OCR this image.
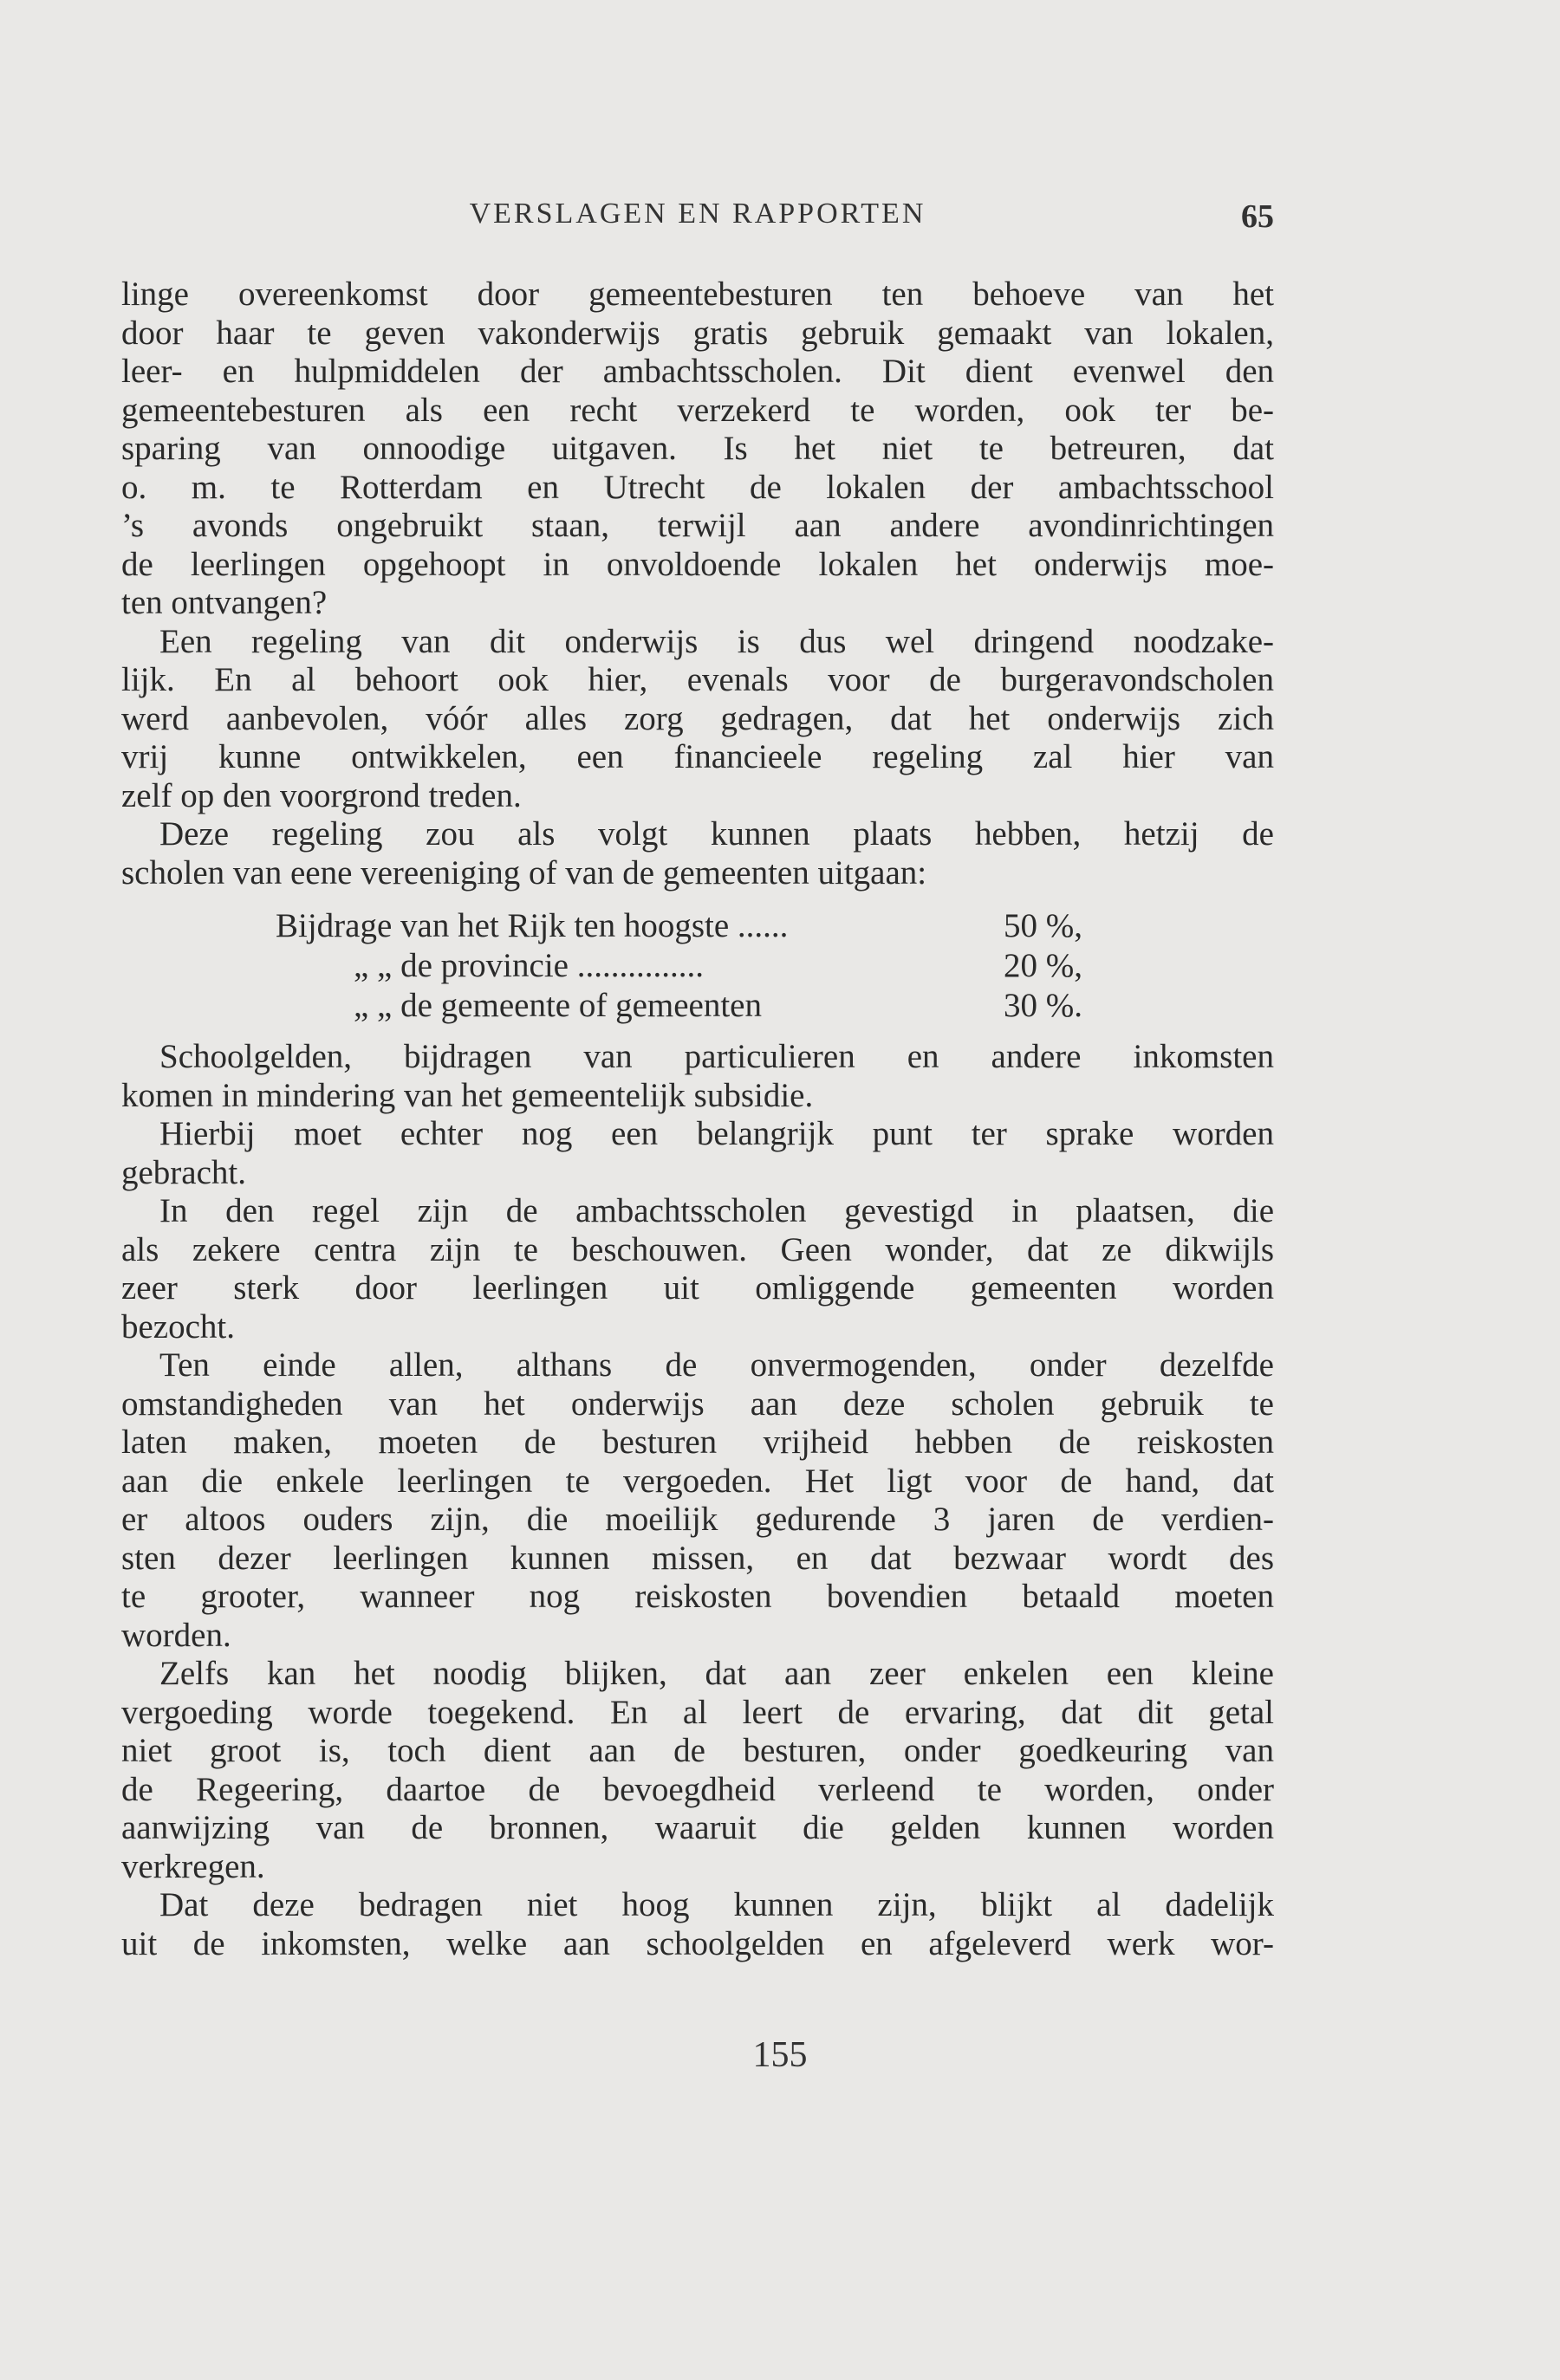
VERSLAGEN EN RAPPORTEN	65
linge overeenkomst door gemeentebesturen ten behoeve van het
door haar te geven vakonderwijs gratis gebruik gemaakt van lokalen,
leer- en hulpmiddelen der ambachtsscholen. Dit dient evenwel den
gemeentebesturen als een recht verzekerd te worden, ook ter be-
sparing van onnoodige uitgaven. Is het niet te betreuren, dat
o. m. te Rotterdam en Utrecht de lokalen der ambachtsschool
’s avonds ongebruikt staan, terwijl aan andere avondinrichtingen
de leerlingen opgehoopt in onvoldoende lokalen het onderwijs moe-
ten ontvangen?
Een regeling van dit onderwijs is dus wel dringend noodzake-
lijk. En al behoort ook hier, evenals voor de burgeravondscholen
werd aanbevolen, vóór alles zorg gedragen, dat het onderwijs zich
vrij kunne ontwikkelen, een financieele regeling zal hier van
zelf op den voorgrond treden.
Deze regeling zou als volgt kunnen plaats hebben, hetzij de
scholen van eene vereeniging of van de gemeenten uitgaan:
Bijdrage van het Rijk ten hoogste ......	50 %,
„ „ de provincie ...............	20 %,
„ „ de gemeente of gemeenten	30 %.
Schoolgelden, bijdragen van particulieren en andere inkomsten
komen in mindering van het gemeentelijk subsidie.
Hierbij moet echter nog een belangrijk punt ter sprake worden
gebracht.
In den regel zijn de ambachtsscholen gevestigd in plaatsen, die
als zekere centra zijn te beschouwen. Geen wonder, dat ze dikwijls
zeer sterk door leerlingen uit omliggende gemeenten worden
bezocht.
Ten einde allen, althans de onvermogenden, onder dezelfde
omstandigheden van het onderwijs aan deze scholen gebruik te
laten maken, moeten de besturen vrijheid hebben de reiskosten
aan die enkele leerlingen te vergoeden. Het ligt voor de hand, dat
er altoos ouders zijn, die moeilijk gedurende 3 jaren de verdien-
sten dezer leerlingen kunnen missen, en dat bezwaar wordt des
te grooter, wanneer nog reiskosten bovendien betaald moeten
worden.
Zelfs kan het noodig blijken, dat aan zeer enkelen een kleine
vergoeding worde toegekend. En al leert de ervaring, dat dit getal
niet groot is, toch dient aan de besturen, onder goedkeuring van
de Regeering, daartoe de bevoegdheid verleend te worden, onder
aanwijzing van de bronnen, waaruit die gelden kunnen worden
verkregen.
Dat deze bedragen niet hoog kunnen zijn, blijkt al dadelijk
uit de inkomsten, welke aan schoolgelden en afgeleverd werk wor-
155
